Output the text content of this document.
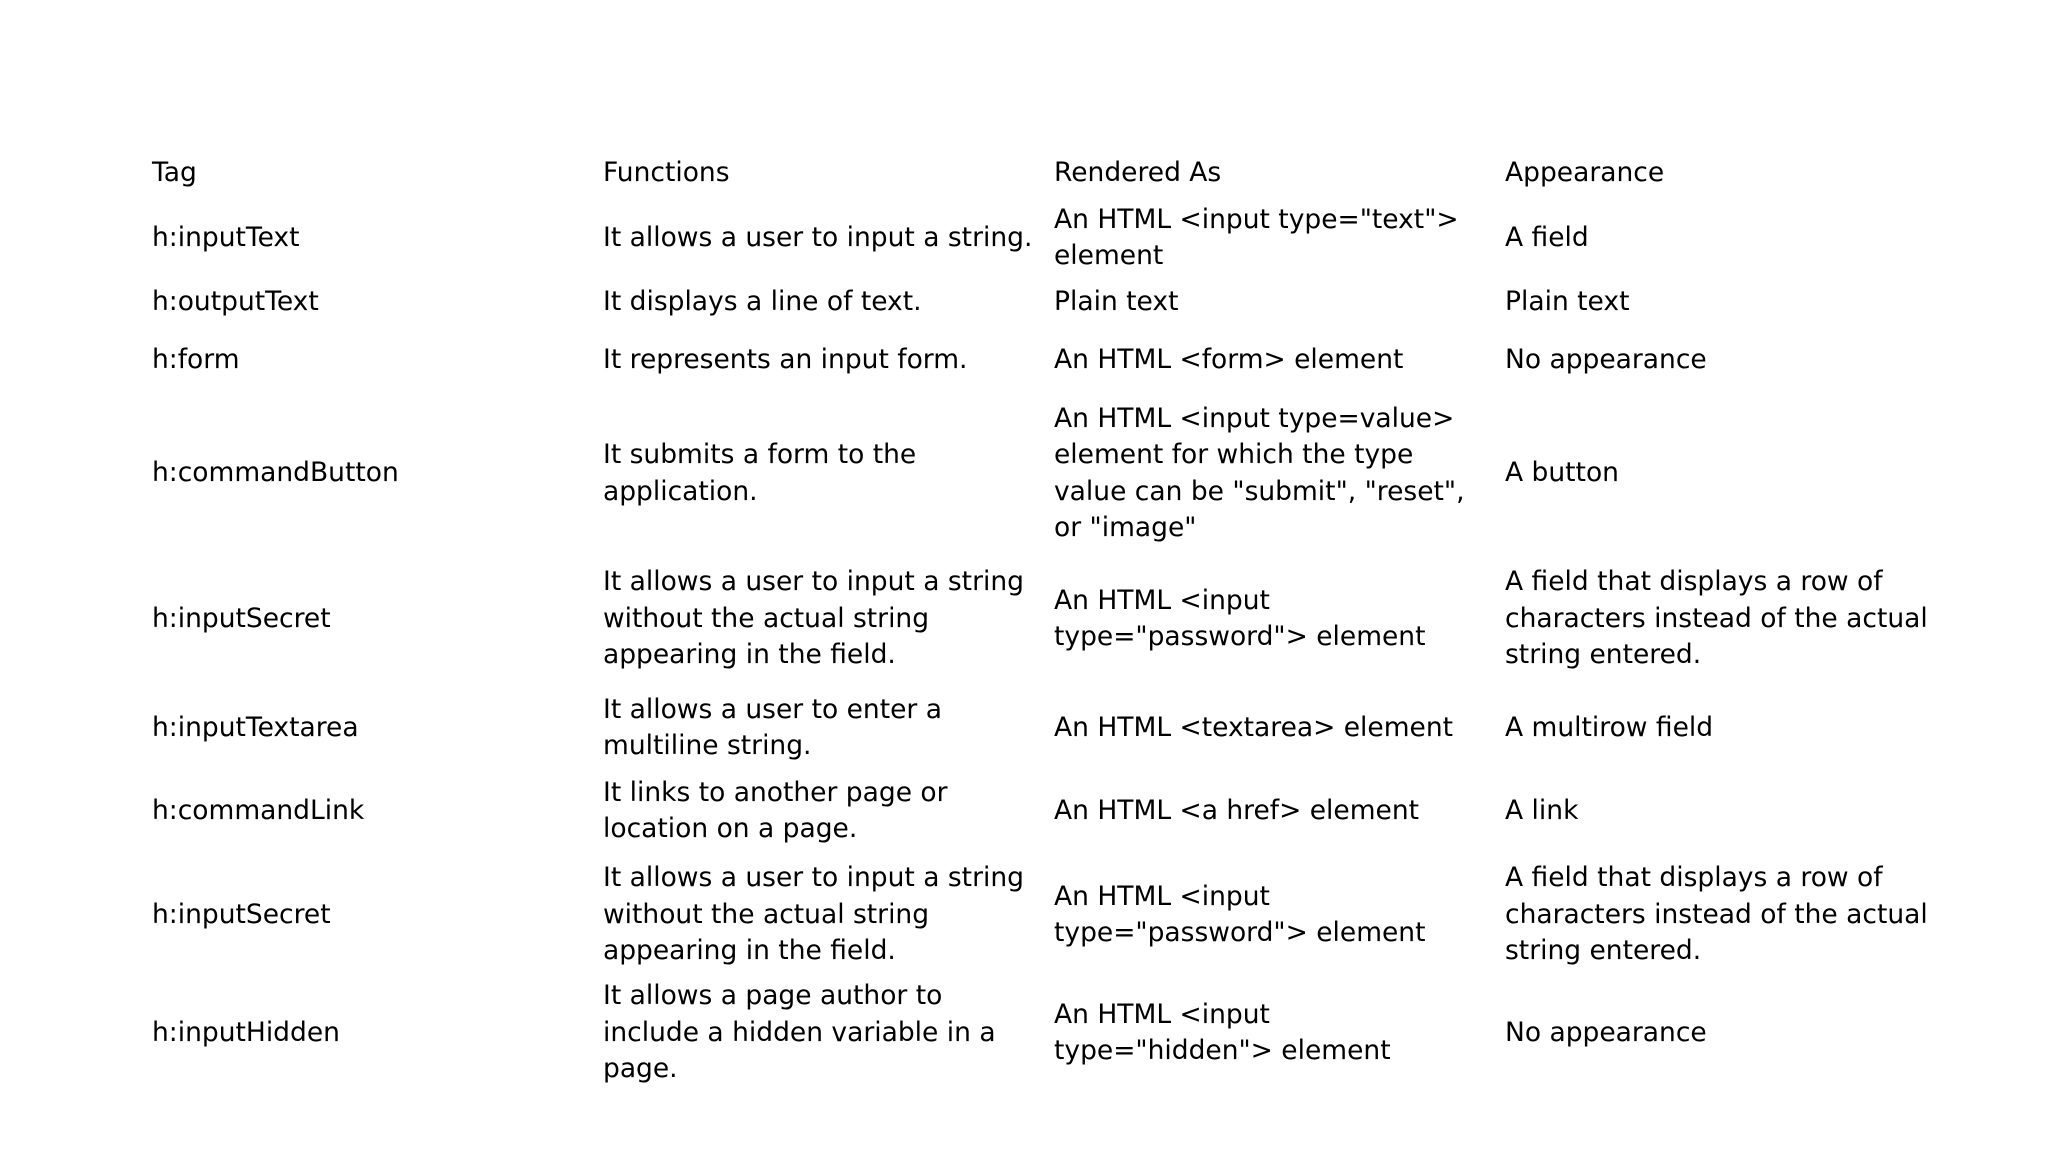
Tag	Functions	Rendered As	Appearance
h:inputText	It allows a user to input a string.	An HTML <input type="text"> element	A field
h:outputText	It displays a line of text.	Plain text	Plain text
h:form	It represents an input form.	An HTML <form> element	No appearance
h:commandButton	It submits a form to the application.	An HTML <input type=value> element for which the type value can be "submit", "reset", or "image"	A button
h:inputSecret	It allows a user to input a string without the actual string appearing in the field.	An HTML <input type="password"> element	A field that displays a row of characters instead of the actual string entered.
h:inputTextarea	It allows a user to enter a multiline string.	An HTML <textarea> element	A multirow field
h:commandLink	It links to another page or location on a page.	An HTML <a href> element	A link
h:inputSecret	It allows a user to input a string without the actual string appearing in the field.	An HTML <input type="password"> element	A field that displays a row of characters instead of the actual string entered.
h:inputHidden	It allows a page author to include a hidden variable in a page.	An HTML <input type="hidden"> element	No appearance
